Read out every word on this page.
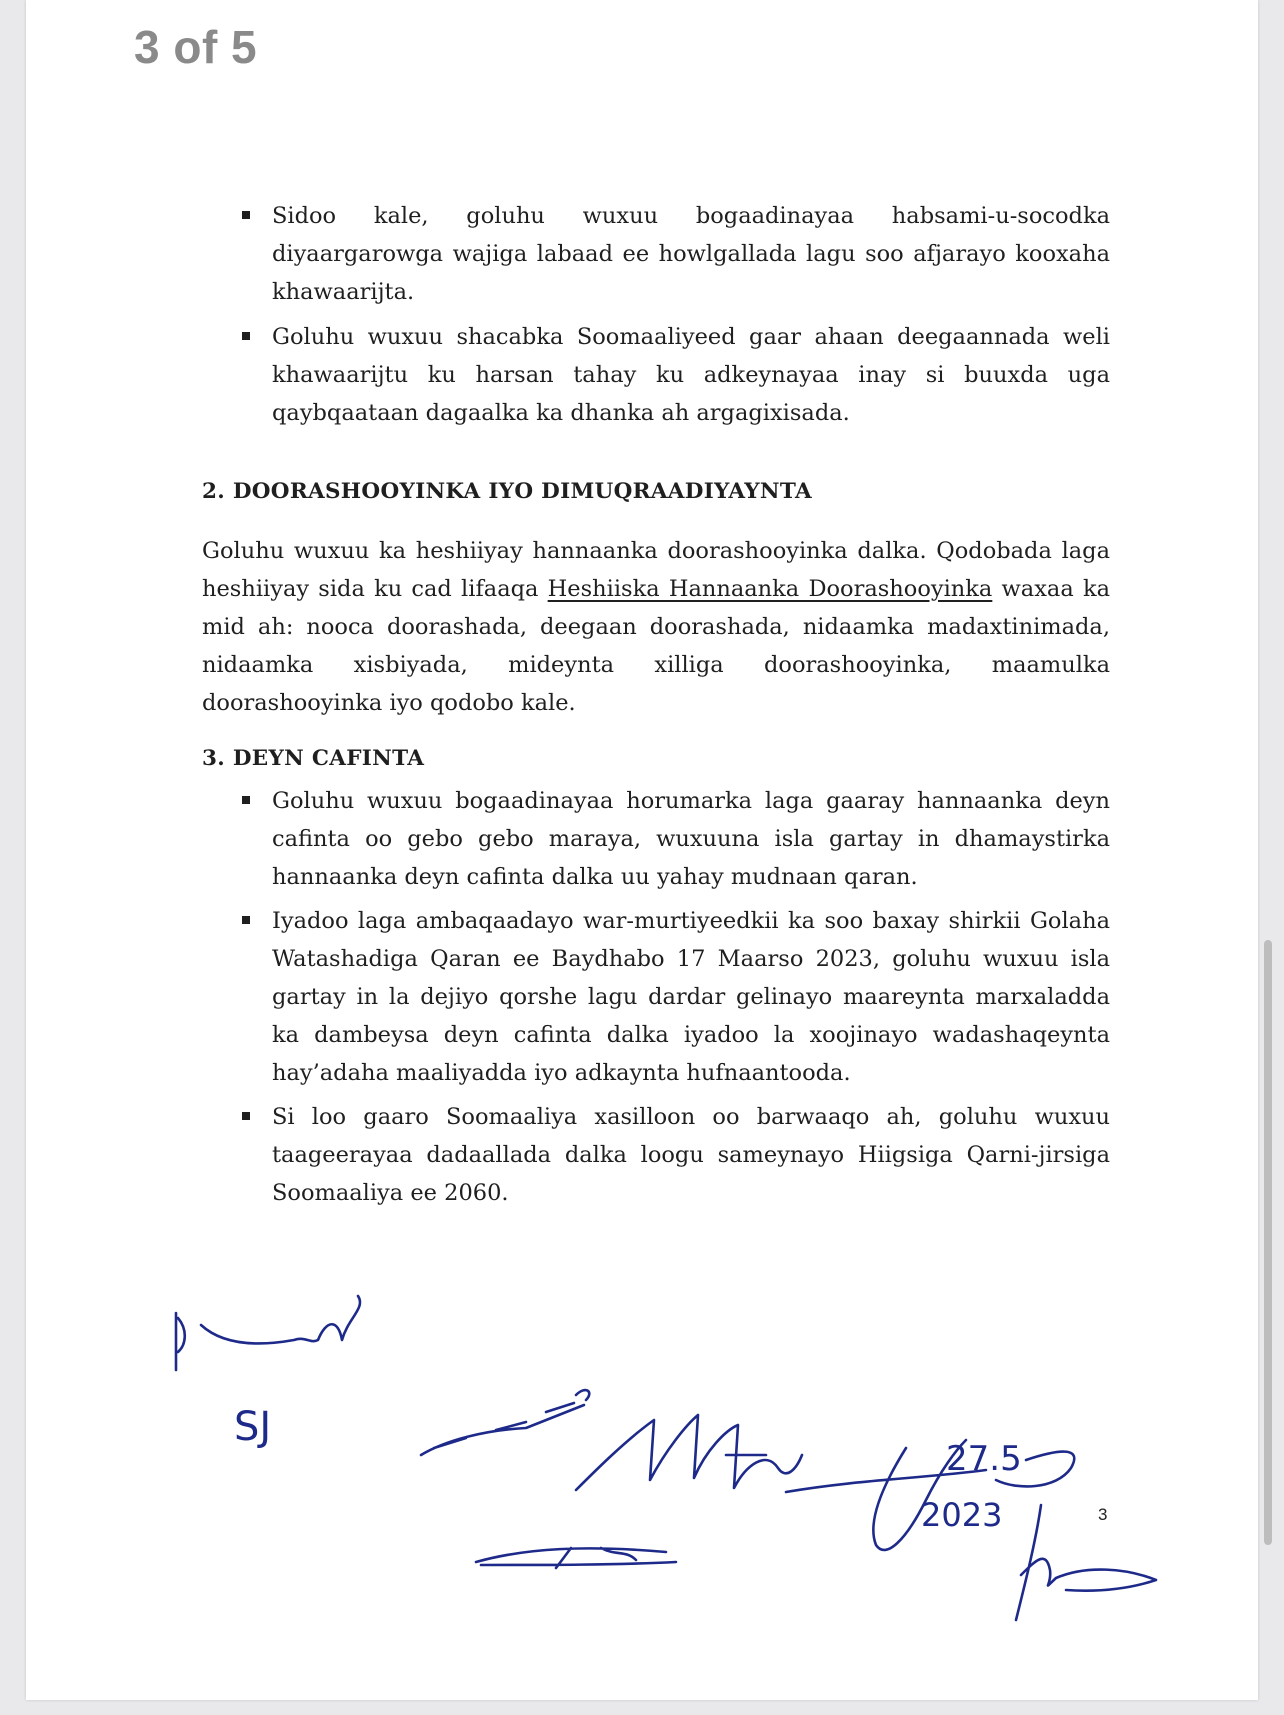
3 of 5
Sidoo kale, goluhu wuxuu bogaadinayaa habsami-u-socodka diyaargarowga wajiga labaad ee howlgallada lagu soo afjarayo kooxaha khawaarijta.
Goluhu wuxuu shacabka Soomaaliyeed gaar ahaan deegaannada weli khawaarijtu ku harsan tahay ku adkeynayaa inay si buuxda uga qaybqaataan dagaalka ka dhanka ah argagixisada.
2. DOORASHOOYINKA IYO DIMUQRAADIYAYNTA
Goluhu wuxuu ka heshiiyay hannaanka doorashooyinka dalka. Qodobada laga heshiiyay sida ku cad lifaaqa Heshiiska Hannaanka Doorashooyinka waxaa ka mid ah: nooca doorashada, deegaan doorashada, nidaamka madaxtinimada, nidaamka xisbiyada, mideynta xilliga doorashooyinka, maamulka doorashooyinka iyo qodobo kale.
3. DEYN CAFINTA
Goluhu wuxuu bogaadinayaa horumarka laga gaaray hannaanka deyn cafinta oo gebo gebo maraya, wuxuuna isla gartay in dhamaystirka hannaanka deyn cafinta dalka uu yahay mudnaan qaran.
Iyadoo laga ambaqaadayo war-murtiyeedkii ka soo baxay shirkii Golaha Watashadiga Qaran ee Baydhabo 17 Maarso 2023, goluhu wuxuu isla gartay in la dejiyo qorshe lagu dardar gelinayo maareynta marxaladda ka dambeysa deyn cafinta dalka iyadoo la xoojinayo wadashaqeynta hay’adaha maaliyadda iyo adkaynta hufnaantooda.
Si loo gaaro Soomaaliya xasilloon oo barwaaqo ah, goluhu wuxuu taageerayaa dadaallada dalka loogu sameynayo Hiigsiga Qarni-jirsiga Soomaaliya ee 2060.
SJ
27.5
2023	3
